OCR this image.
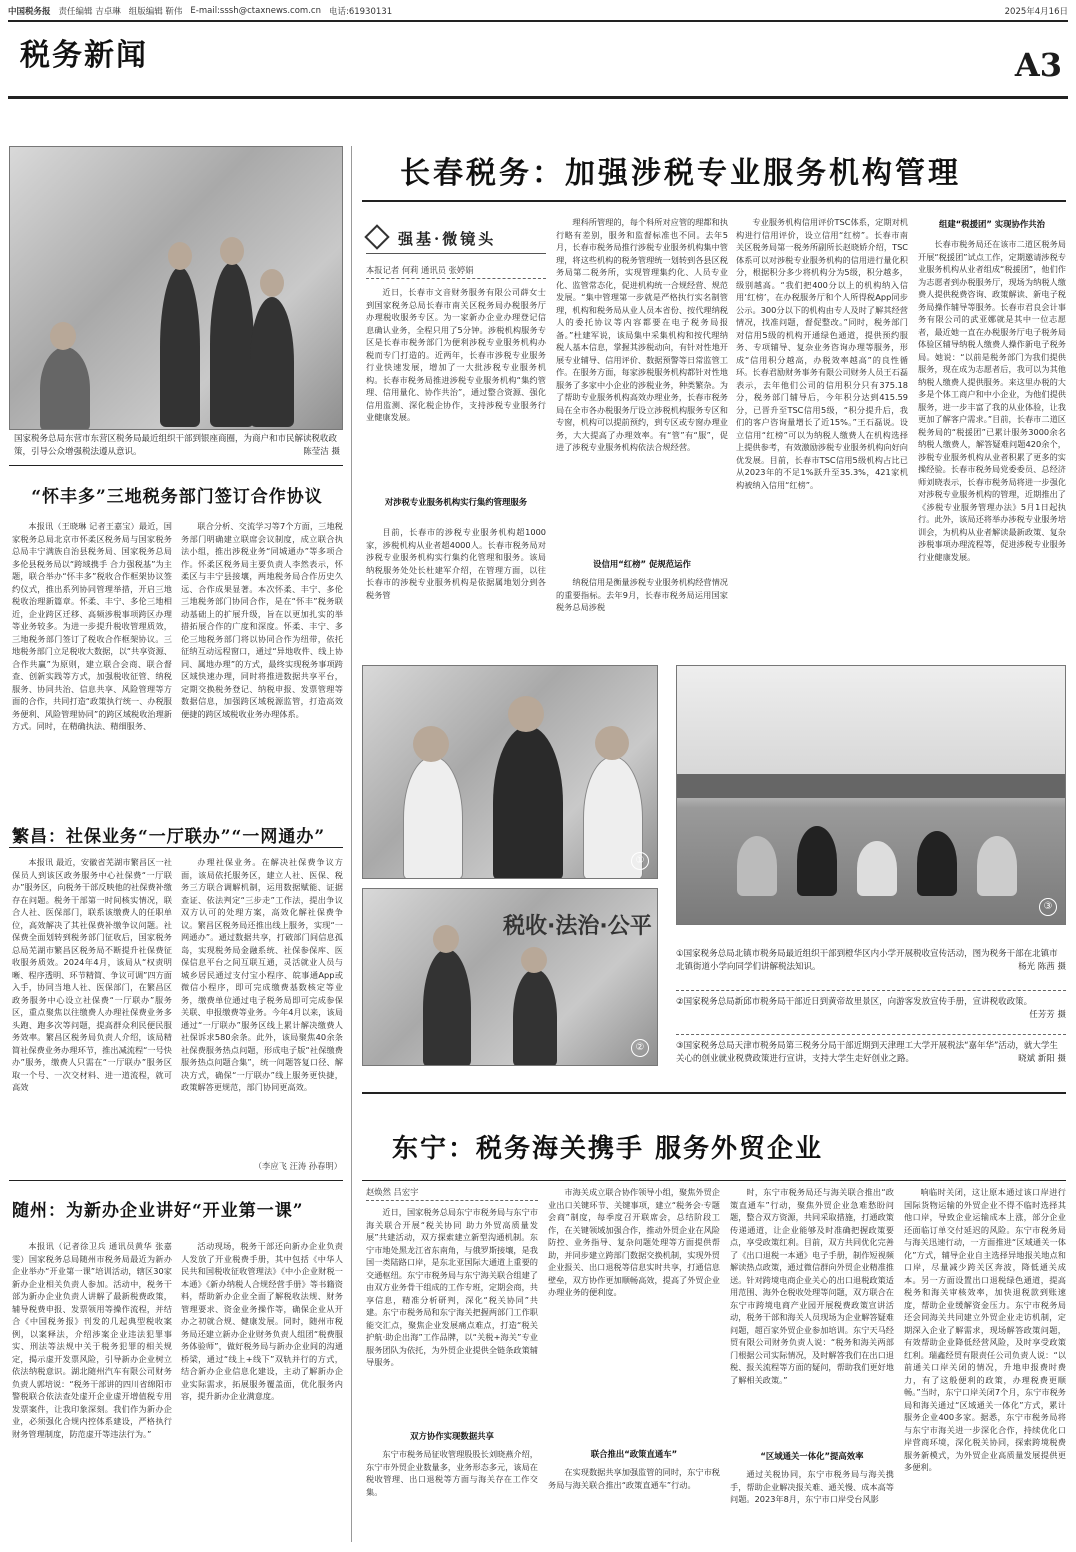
中国税务报 责任编辑 吉卓琳 组版编辑 靳伟 E-mail:sssh@ctaxnews.com.cn 电话:61930131	2025年4月16日
税务新闻	A3
国家税务总局东营市东营区税务局最近组织干部到银座商圈，为商户和市民解读税收政策，引导公众增强税法遵从意识。	陈莹洁 摄
“怀丰多”三地税务部门签订合作协议
本报讯（王晓琳 记者王嘉宝）最近，国家税务总局北京市怀柔区税务局与国家税务总局丰宁满族自治县税务局、国家税务总局多伦县税务局以“跨域携手 合力强税基”为主题，联合举办“怀丰多”税收合作框架协议签约仪式，推出系列协同管理举措，开启三地税收治理新篇章。怀柔、丰宁、多伦三地相近，企业跨区迁移、高频涉税事项跨区办理等业务较多。为进一步提升税收管理质效，三地税务部门签订了税收合作框架协议。三地税务部门立足税收大数据，以“共享资源、合作共赢”为原则，建立联合会商、联合督查、创新实践等方式，加强税收征管、纳税服务、协同共治、信息共享、风险管理等方面的合作，共同打造“政策执行统一、办税服务便利、风险管理协同”的跨区域税收治理新方式。同时，在精确执法、精细服务、
联合分析、交流学习等7个方面，三地税务部门明确建立联席会议制度，成立联合执法小组，推出涉税业务“同城通办”等多项合作。怀柔区税务局主要负责人李然表示，怀柔区与丰宁县接壤，两地税务局合作历史久远、合作成果显著。本次怀柔、丰宁、多伦三地税务部门协同合作，是在“怀丰”税务联动基础上的扩展升级，旨在以更加扎实的举措拓展合作的广度和深度。怀柔、丰宁、多伦三地税务部门将以协同合作为纽带，依托征纳互动远程窗口，通过“异地收件、线上协同、属地办理”的方式，最终实现税务事项跨区域快速办理，同时将推进数据共享平台，定期交换税务登记、纳税申报、发票管理等数据信息，加强跨区域税源监管，打造高效便捷的跨区域税收业务办理体系。
繁昌：社保业务“一厅联办”“一网通办”
本报讯 最近，安徽省芜湖市繁昌区一社保员人到该区政务服务中心社保费“一厅联办”服务区，向税务干部反映他的社保费补缴存在问题。税务干部第一时间核实情况，联合人社、医保部门，联系该缴费人的任职单位，高效解决了其社保费补缴争议问题。社保费全面划转到税务部门征收后，国家税务总局芜湖市繁昌区税务局不断提升社保费征收服务质效。2024年4月，该局从“权责明晰、程序透明、环节精简、争议可调”四方面入手，协同当地人社、医保部门，在繁昌区政务服务中心设立社保费“一厅联办”服务区，重点聚焦以往缴费人办理社保费业务多头跑、跑多次等问题，提高群众利民便民服务效率。繁昌区税务局负责人介绍，该局精简社保费业务办理环节，推出减流程“一号快办”服务，缴费人只需在“一厅联办”服务区取一个号、一次交材料、进一道流程，就可高效
办理社保业务。在解决社保费争议方面，该局依托服务区，建立人社、医保、税务三方联合调解机制，运用数据赋能、证据查证、依法判定“三步走”工作法，提出争议双方认可的处理方案，高效化解社保费争议。繁昌区税务局还推出线上服务，实现“一网通办”。通过数据共享，打破部门间信息孤岛，实现税务局金融系统、社保参保库、医保信息平台之间互联互通，灵活就业人员与城乡居民通过支付宝小程序、皖事通App或微信小程序，即可完成缴费基数核定等业务，缴费单位通过电子税务局即可完成参保关联、申报缴费等业务。今年4月以来，该局通过“一厅联办”服务区线上累计解决缴费人社保诉求580余条。此外，该局聚焦40余条社保费服务热点问题，形成电子版“社保缴费服务热点问题合集”，统一问题答复口径、解决方式，确保“一厅联办”线上服务更快捷，政策解答更规范，部门协同更高效。
（李应飞 汪涛 孙春明）
随州：为新办企业讲好“开业第一课”
本报讯（记者徐卫兵 通讯员黄华 张嘉雯）国家税务总局随州市税务局最近为新办企业举办“开业第一课”培训活动，辖区30家新办企业相关负责人参加。活动中，税务干部为新办企业负责人讲解了最新税费政策，辅导税费申报、发票领用等操作流程，并结合《中国税务报》刊发的几起典型税收案例，以案释法，介绍涉案企业违法犯罪事实、刑法等法规中关于税务犯罪的相关规定，揭示虚开发票风险，引导新办企业树立依法纳税意识。湖北随州汽车有限公司财务负责人郭培说：“税务干部讲的四川省绵阳市警税联合依法查处虚开企业虚开增值税专用发票案件，让我印象深刻。我们作为新办企业，必须强化合规内控体系建设，严格执行财务管理制度，防范虚开等违法行为。”
活动现场，税务干部还向新办企业负责人发放了开业税费手册，其中包括《中华人民共和国税收征收管理法》《中小企业财税一本通》《新办纳税人合规经营手册》等书籍资料，帮助新办企业全面了解税收法规、财务管理要求、资金业务操作等，确保企业从开办之初就合规、健康发展。同时，随州市税务局还建立新办企业财务负责人组团“税费服务体验师”，做好税务局与新办企业间的沟通桥梁，通过“线上+线下”双轨并行的方式，结合新办企业信息化建设，主动了解新办企业实际需求，拓展服务覆盖面，优化服务内容，提升新办企业满意度。
长春税务：加强涉税专业服务机构管理
强基·微镜头
本报记者 何莉 通讯员 张婷娟
近日，长春市文音财务服务有限公司薛女士到国家税务总局长春市南关区税务局办税服务厅办理税收服务专区。为一家新办企业办理登记信息确认业务，全程只用了5分钟。涉税机构服务专区是长春市税务部门为便利涉税专业服务机构办税而专门打造的。近两年，长春市涉税专业服务行业快速发展，增加了一大批涉税专业服务机构。长春市税务局推进涉税专业服务机构“集约管理、信用量化、协作共治”，通过整合资源、强化信用监测、深化税企协作，支持涉税专业服务行业健康发展。
对涉税专业服务机构实行集约管理服务
目前，长春市的涉税专业服务机构超1000家，涉税机构从业者超4000人。长春市税务局对涉税专业服务机构实行集约化管理和服务。该局纳税服务处处长杜建军介绍，在管理方面，以往长春市的涉税专业服务机构是依据属地划分到各税务管
理科所管理的，每个科所对应管的理都和执行略有差别，服务和监督标准也不同。去年5月，长春市税务局推行涉税专业服务机构集中管理，将这些机构的税务管理统一划转到各县区税务局第二税务所，实现管理集约化、人员专业化、监管常态化，促进机构统一合规经营、规范发展。“集中管理第一步就是严格执行实名制管理，机构和税务局从业人员本省份、按代理纳税人的委托协议等内容都要在电子税务局报备。”杜建军说，该局集中采集机构和按代理纳税人基本信息，掌握其涉税动向，有针对性地开展专业辅导、信用评价、数据预警等日常监管工作。在服务方面，每家涉税服务机构都针对性地服务了多家中小企业的涉税业务，种类繁杂。为了帮助专业服务机构高效办理业务，长春市税务局在全市各办税服务厅设立涉税机构服务专区和专窗，机构可以提前预约，到专区或专窗办理业务，大大提高了办理效率。有“管”有“服”，促进了涉税专业服务机构依法合规经营。
设信用“红榜” 促规范运作
纳税信用是衡量涉税专业服务机构经营情况的重要指标。去年9月，长春市税务局运用国家税务总局涉税
专业服务机构信用评价TSC体系，定期对机构进行信用评价，设立信用“红榜”。长春市南关区税务局第一税务所副所长赵晓娇介绍，TSC体系可以对涉税专业服务机构的信用进行量化积分，根据积分多少将机构分为5级，积分越多，级别越高。“我们把400分以上的机构纳入信用‘红榜’，在办税服务厅和个人所得税App同步公示。300分以下的机构由专人及时了解其经营情况，找准问题，督促整改。”同时，税务部门对信用5级的机构开通绿色通道，提供预约服务、专项辅导、复杂业务咨询办理等服务，形成“信用积分越高，办税效率越高”的良性循环。长春君励财务事务有限公司财务人员王石磊表示，去年他们公司的信用积分只有375.18分，税务部门辅导后，今年积分达到415.59分，已晋升至TSC信用5级，“积分提升后，我们的客户咨询量增长了近15%。”王石磊说。设立信用“红榜”可以为纳税人缴费人在机构选择上提供参考，有效激励涉税专业服务机构向好向优发展。目前，长春市TSC信用5级机构占比已从2023年的不足1%跃升至35.3%，421家机构被纳入信用“红榜”。
组建“税援团” 实现协作共治
长春市税务局还在该市二道区税务局开展“税援团”试点工作，定期邀请涉税专业服务机构从业者组成“税援团”，他们作为志愿者到办税服务厅，现场为纳税人缴费人提供税费咨询、政策解读、新电子税务局操作辅导等服务。长春市君良会计事务有限公司的武亚娜就是其中一位志愿者，最近她一直在办税服务厅电子税务局体验区辅导纳税人缴费人操作新电子税务局。她说：“以前是税务部门为我们提供服务，现在成为志愿者后，我可以为其他纳税人缴费人提供服务。来这里办税的大多是个体工商户和中小企业，为他们提供服务，进一步丰富了我的从业体验，让我更加了解客户需求。”目前，长春市二道区税务局的“税援团”已累计服务3000余名纳税人缴费人，解答疑难问题420余个，涉税专业服务机构从业者积累了更多的实操经验。长春市税务局党委委员、总经济师刘晓表示，长春市税务局将进一步强化对涉税专业服务机构的管理，近期推出了《涉税专业服务管理办法》5月1日起执行。此外，该局还将举办涉税专业服务培训会，为机构从业者解读最新政策、复杂涉税事项办理流程等，促进涉税专业服务行业健康发展。
①
税收·法治·公平
②
③
①国家税务总局北镇市税务局最近组织干部到橙华区内小学开展税收宣传活动，图为税务干部在北镇市北镇街道小学向同学们讲解税法知识。	杨光 陈茜 摄
②国家税务总局新邱市税务局干部近日到黄帝故里景区，向游客发放宣传手册，宣讲税收政策。
任芳芳 摄
③国家税务总局天津市税务局第三税务分局干部近期到天津理工大学开展税法“嘉年华”活动，就大学生关心的创业就业税费政策进行宣讲，支持大学生走好创业之路。	晓斌 新阳 摄
东宁：税务海关携手 服务外贸企业
赵焕然 吕宏宇
近日，国家税务总局东宁市税务局与东宁市海关联合开展“税关协同 助力外贸高质量发展”共建活动，双方探索建立新型沟通机制。东宁市地处黑龙江省东南角，与俄罗斯接壤，是我国一类陆路口岸，是东北亚国际大通道上重要的交通枢纽。东宁市税务局与东宁海关联合组建了由双方业务骨干组成的工作专班，定期会商，共享信息，精准分析研判，深化“税关协同”共建。东宁市税务局和东宁海关把握两部门工作职能交汇点，聚焦企业发展痛点难点，打造“税关护航·助企出海”工作品牌，以“关税+海关”专业服务团队为依托，为外贸企业提供全链条政策辅导服务。
双方协作实现数据共享
东宁市税务局征收管理股股长刘晓燕介绍，东宁市外贸企业数量多，业务形态多元，该局在税收管理、出口退税等方面与海关存在工作交集。
市海关成立联合协作领导小组，聚焦外贸企业出口关键环节、关键事项，建立“税务会·专题会商”制度，每季度召开联席会，总结阶段工作，在关键领域加强合作，推动外贸企业在风险防控、业务指导、复杂问题处理等方面提供帮助，并同步建立跨部门数据交换机制，实现外贸企业报关、出口退税等信息实时共享，打通信息壁垒，双方协作更加顺畅高效，提高了外贸企业办理业务的便利度。
联合推出“政策直通车”
在实现数据共享加强监管的同时，东宁市税务局与海关联合推出“政策直通车”行动。
时，东宁市税务局还与海关联合推出“政策直通车”行动，聚焦外贸企业急难愁盼问题，整合双方资源，共同采取措施，打通政策传递通道，让企业能够及时准确把握政策要点，享受政策红利。目前，双方共同优化完善了《出口退税一本通》电子手册，制作短视频解读热点政策，通过微信群向外贸企业精准推送。针对跨境电商企业关心的出口退税政策适用范围、海外仓税收处理等问题，双方联合在东宁市跨境电商产业园开展税费政策宣讲活动，税务干部和海关人员现场为企业解答疑难问题，超百家外贸企业参加培训。东宁天马经贸有限公司财务负责人说：“税务和海关两部门根据公司实际情况，及时解答我们在出口退税、报关流程等方面的疑问，帮助我们更好地了解相关政策。”
“区域通关一体化”提高效率
通过关税协同，东宁市税务局与海关携手，帮助企业解决报关难、通关慢、成本高等问题。2023年8月，东宁市口岸受台风影
响临时关闭，这让原本通过该口岸进行国际货物运输的外贸企业不得不临时选择其他口岸，导致企业运输成本上涨，部分企业还面临订单交付延迟的风险。东宁市税务局与海关迅速行动，一方面推进“区域通关一体化”方式，辅导企业自主选择异地报关地点和口岸，尽量减少跨关区奔波，降低通关成本。另一方面设置出口退税绿色通道，提高税务和海关审核效率，加快退税款到账速度，帮助企业缓解资金压力。东宁市税务局还会同海关共同建立外贸企业走访机制，定期深入企业了解需求，现场解答政策问题，有效帮助企业降低经营风险，及时享受政策红利。瑞鑫经贸有限责任公司负责人说：“以前通关口岸关闭的情况，升地申报费时费力，有了这般便利的政策，办理税费更顺畅。”当时，东宁口岸关闭7个月，东宁市税务局和海关通过“区域通关一体化”方式，累计服务企业400多家。据悉，东宁市税务局将与东宁市海关进一步深化合作，持续优化口岸营商环境，深化税关协同，探索跨境税费服务新模式，为外贸企业高质量发展提供更多便利。
